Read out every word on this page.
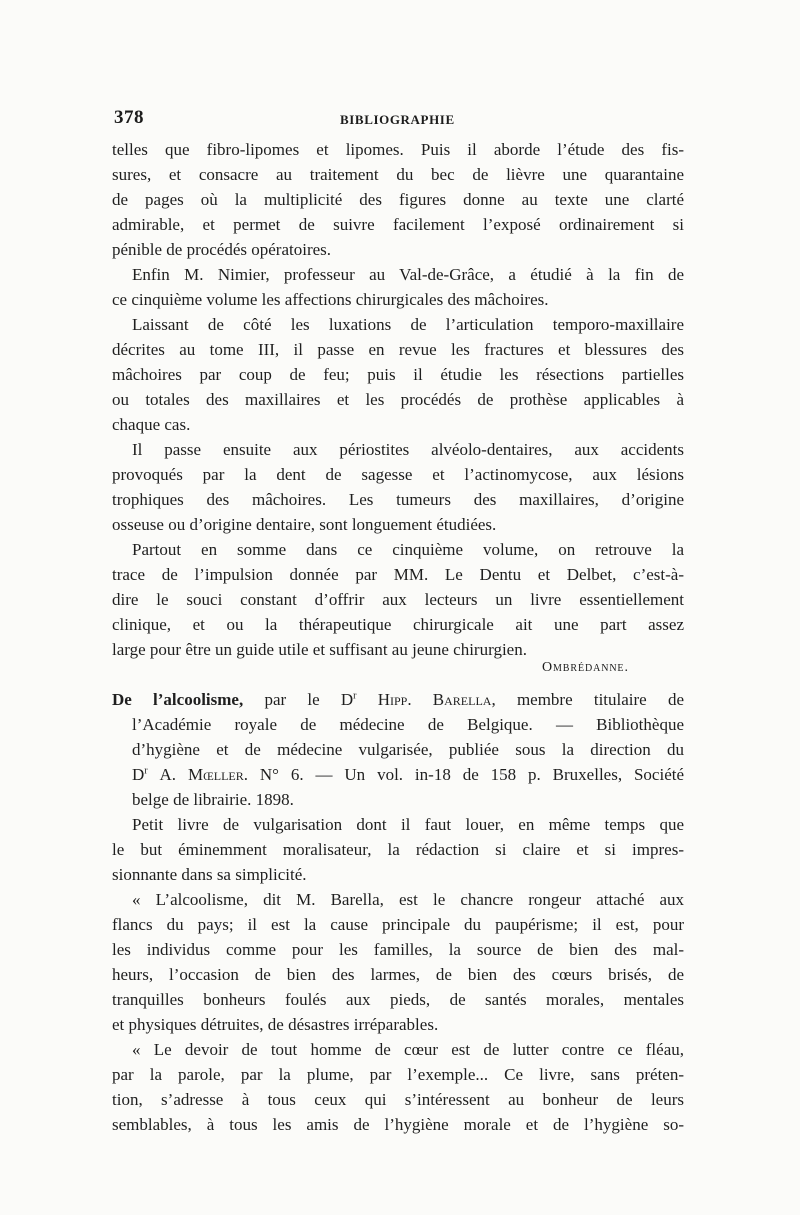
378	BIBLIOGRAPHIE
telles que fibro-lipomes et lipomes. Puis il aborde l’étude des fis-
sures, et consacre au traitement du bec de lièvre une quarantaine
de pages où la multiplicité des figures donne au texte une clarté
admirable, et permet de suivre facilement l’exposé ordinairement si
pénible de procédés opératoires.
Enfin M. Nimier, professeur au Val-de-Grâce, a étudié à la fin de
ce cinquième volume les affections chirurgicales des mâchoires.
Laissant de côté les luxations de l’articulation temporo-maxillaire
décrites au tome III, il passe en revue les fractures et blessures des
mâchoires par coup de feu; puis il étudie les résections partielles
ou totales des maxillaires et les procédés de prothèse applicables à
chaque cas.
Il passe ensuite aux périostites alvéolo-dentaires, aux accidents
provoqués par la dent de sagesse et l’actinomycose, aux lésions
trophiques des mâchoires. Les tumeurs des maxillaires, d’origine
osseuse ou d’origine dentaire, sont longuement étudiées.
Partout en somme dans ce cinquième volume, on retrouve la
trace de l’impulsion donnée par MM. Le Dentu et Delbet, c’est-à-
dire le souci constant d’offrir aux lecteurs un livre essentiellement
clinique, et ou la thérapeutique chirurgicale ait une part assez
large pour être un guide utile et suffisant au jeune chirurgien.
Ombrédanne.
De l’alcoolisme, par le $D^r$ Hipp. Barella, membre titulaire de
l’Académie royale de médecine de Belgique. — Bibliothèque
d’hygiène et de médecine vulgarisée, publiée sous la direction du
$D^r$ A. Mœller. N° 6. — Un vol. in-18 de 158 p. Bruxelles, Société
belge de librairie. 1898.
Petit livre de vulgarisation dont il faut louer, en même temps que
le but éminemment moralisateur, la rédaction si claire et si impres-
sionnante dans sa simplicité.
« L’alcoolisme, dit M. Barella, est le chancre rongeur attaché aux
flancs du pays; il est la cause principale du paupérisme; il est, pour
les individus comme pour les familles, la source de bien des mal-
heurs, l’occasion de bien des larmes, de bien des cœurs brisés, de
tranquilles bonheurs foulés aux pieds, de santés morales, mentales
et physiques détruites, de désastres irréparables.
« Le devoir de tout homme de cœur est de lutter contre ce fléau,
par la parole, par la plume, par l’exemple... Ce livre, sans préten-
tion, s’adresse à tous ceux qui s’intéressent au bonheur de leurs
semblables, à tous les amis de l’hygiène morale et de l’hygiène so-
